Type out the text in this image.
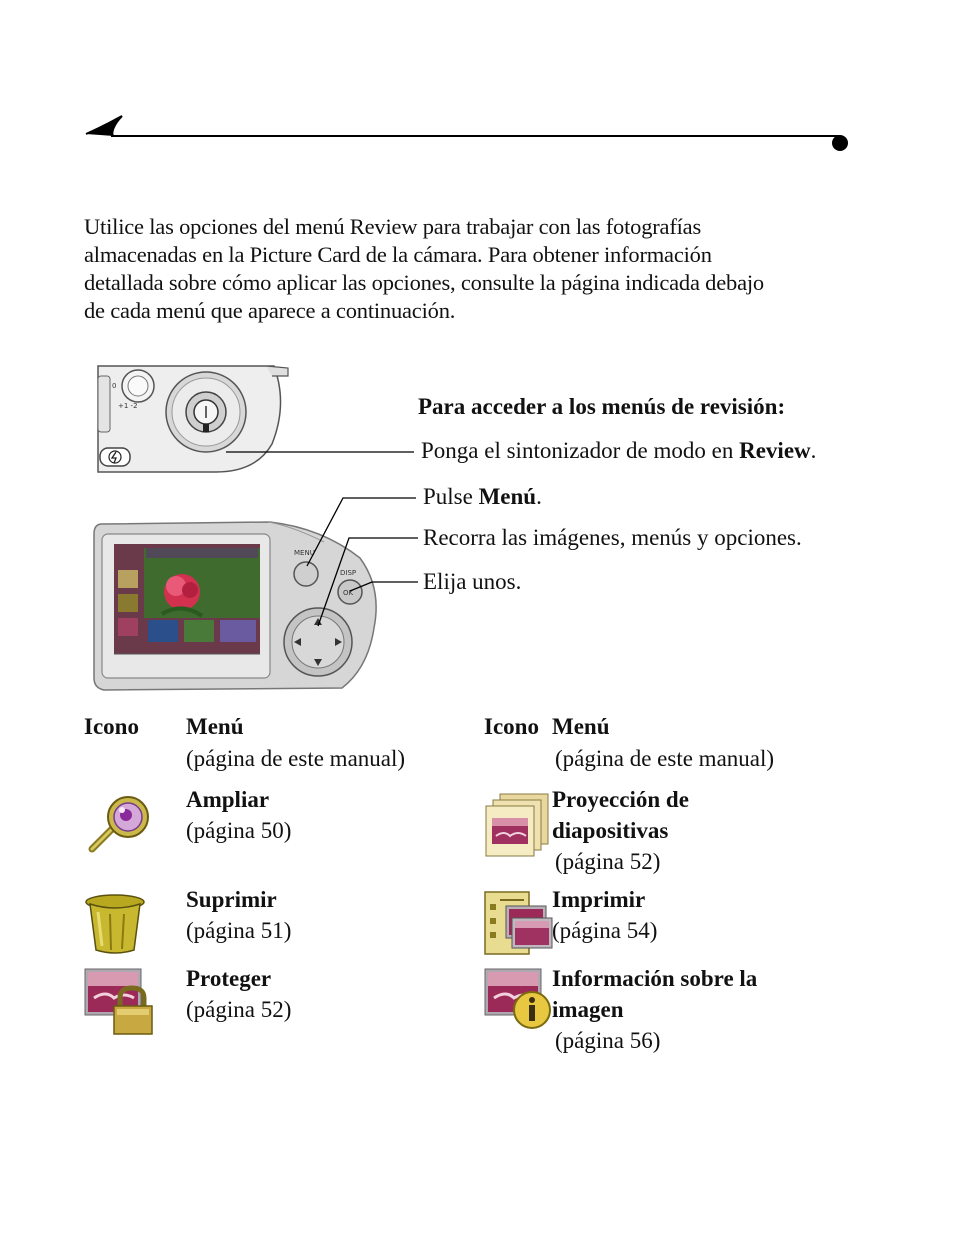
Utilice las opciones del menú Review para trabajar con las fotografías

almacenadas en la Picture Card de la cámara. Para obtener información

detallada sobre cómo aplicar las opciones, consulte la página indicada debajo

de cada menú que aparece a continuación.

0
+1 -2
MENU
DISP
OK
Para acceder a los menús de revisión:
Ponga el sintonizador de modo en Review.
Pulse Menú.
Recorra las imágenes, menús y opciones.
Elija unos.
Icono Menú
(página de este manual)
Icono Menú
(página de este manual)
Ampliar
(página 50)
Suprimir
(página 51)
Proteger
(página 52)
Proyección de
diapositivas
(página 52)
Imprimir
(página 54)
Información sobre la
imagen
(página 56)
